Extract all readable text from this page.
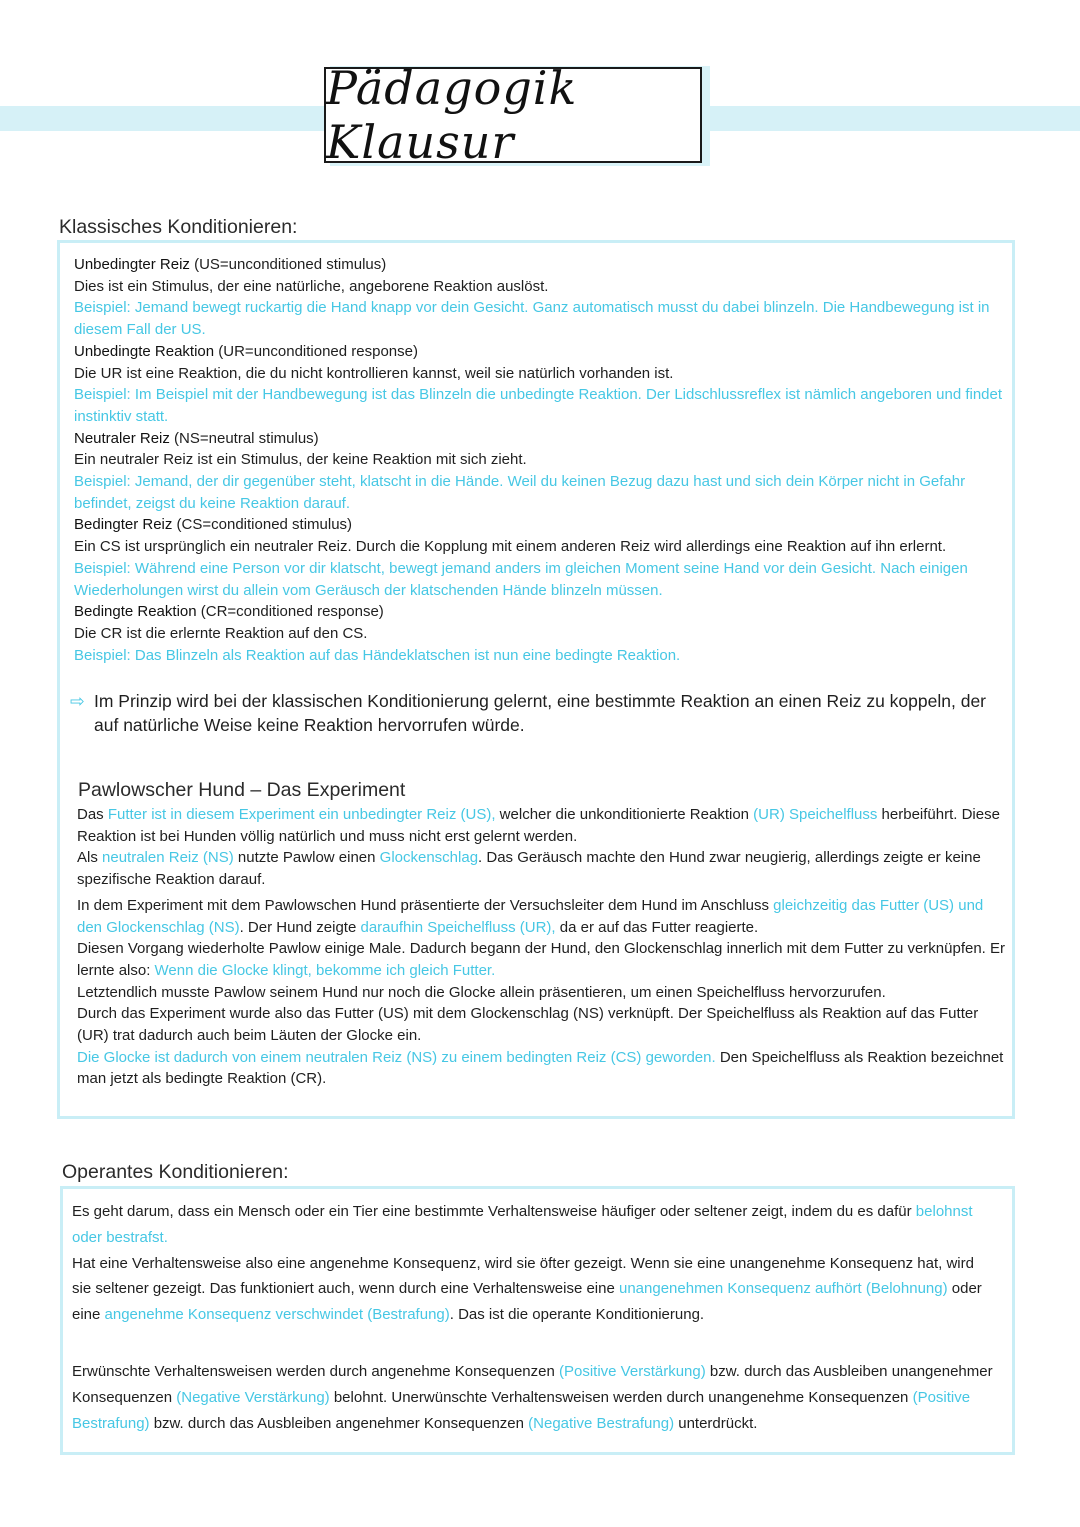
Pädagogik Klausur
Klassisches Konditionieren:

Unbedingter Reiz (US=unconditioned stimulus)

Dies ist ein Stimulus, der eine natürliche, angeborene Reaktion auslöst.

Beispiel: Jemand bewegt ruckartig die Hand knapp vor dein Gesicht. Ganz automatisch musst du dabei blinzeln. Die Handbewegung ist in diesem Fall der US.

Unbedingte Reaktion (UR=unconditioned response)

Die UR ist eine Reaktion, die du nicht kontrollieren kannst, weil sie natürlich vorhanden ist.

Beispiel: Im Beispiel mit der Handbewegung ist das Blinzeln die unbedingte Reaktion. Der Lidschlussreflex ist nämlich angeboren und findet instinktiv statt.

Neutraler Reiz (NS=neutral stimulus)

Ein neutraler Reiz ist ein Stimulus, der keine Reaktion mit sich zieht.

Beispiel: Jemand, der dir gegenüber steht, klatscht in die Hände. Weil du keinen Bezug dazu hast und sich dein Körper nicht in Gefahr befindet, zeigst du keine Reaktion darauf.

Bedingter Reiz (CS=conditioned stimulus)

Ein CS ist ursprünglich ein neutraler Reiz. Durch die Kopplung mit einem anderen Reiz wird allerdings eine Reaktion auf ihn erlernt.

Beispiel: Während eine Person vor dir klatscht, bewegt jemand anders im gleichen Moment seine Hand vor dein Gesicht. Nach einigen Wiederholungen wirst du allein vom Geräusch der klatschenden Hände blinzeln müssen.

Bedingte Reaktion (CR=conditioned response)

Die CR ist die erlernte Reaktion auf den CS.

Beispiel: Das Blinzeln als Reaktion auf das Händeklatschen ist nun eine bedingte Reaktion.

⇨ Im Prinzip wird bei der klassischen Konditionierung gelernt, eine bestimmte Reaktion an einen Reiz zu koppeln, der auf natürliche Weise keine Reaktion hervorrufen würde.

Pawlowscher Hund – Das Experiment

Das Futter ist in diesem Experiment ein unbedingter Reiz (US), welcher die unkonditionierte Reaktion (UR) Speichelfluss herbeiführt. Diese Reaktion ist bei Hunden völlig natürlich und muss nicht erst gelernt werden.

Als neutralen Reiz (NS) nutzte Pawlow einen Glockenschlag. Das Geräusch machte den Hund zwar neugierig, allerdings zeigte er keine spezifische Reaktion darauf.

In dem Experiment mit dem Pawlowschen Hund präsentierte der Versuchsleiter dem Hund im Anschluss gleichzeitig das Futter (US) und den Glockenschlag (NS). Der Hund zeigte daraufhin Speichelfluss (UR), da er auf das Futter reagierte.

Diesen Vorgang wiederholte Pawlow einige Male. Dadurch begann der Hund, den Glockenschlag innerlich mit dem Futter zu verknüpfen. Er lernte also: Wenn die Glocke klingt, bekomme ich gleich Futter.

Letztendlich musste Pawlow seinem Hund nur noch die Glocke allein präsentieren, um einen Speichelfluss hervorzurufen.

Durch das Experiment wurde also das Futter (US) mit dem Glockenschlag (NS) verknüpft. Der Speichelfluss als Reaktion auf das Futter (UR) trat dadurch auch beim Läuten der Glocke ein.

Die Glocke ist dadurch von einem neutralen Reiz (NS) zu einem bedingten Reiz (CS) geworden. Den Speichelfluss als Reaktion bezeichnet man jetzt als bedingte Reaktion (CR).

Operantes Konditionieren:

Es geht darum, dass ein Mensch oder ein Tier eine bestimmte Verhaltensweise häufiger oder seltener zeigt, indem du es dafür belohnst oder bestrafst.

Hat eine Verhaltensweise also eine angenehme Konsequenz, wird sie öfter gezeigt. Wenn sie eine unangenehme Konsequenz hat, wird sie seltener gezeigt. Das funktioniert auch, wenn durch eine Verhaltensweise eine unangenehmen Konsequenz aufhört (Belohnung) oder eine angenehme Konsequenz verschwindet (Bestrafung). Das ist die operante Konditionierung.

Erwünschte Verhaltensweisen werden durch angenehme Konsequenzen (Positive Verstärkung) bzw. durch das Ausbleiben unangenehmer Konsequenzen (Negative Verstärkung) belohnt. Unerwünschte Verhaltensweisen werden durch unangenehme Konsequenzen (Positive Bestrafung) bzw. durch das Ausbleiben angenehmer Konsequenzen (Negative Bestrafung) unterdrückt.
